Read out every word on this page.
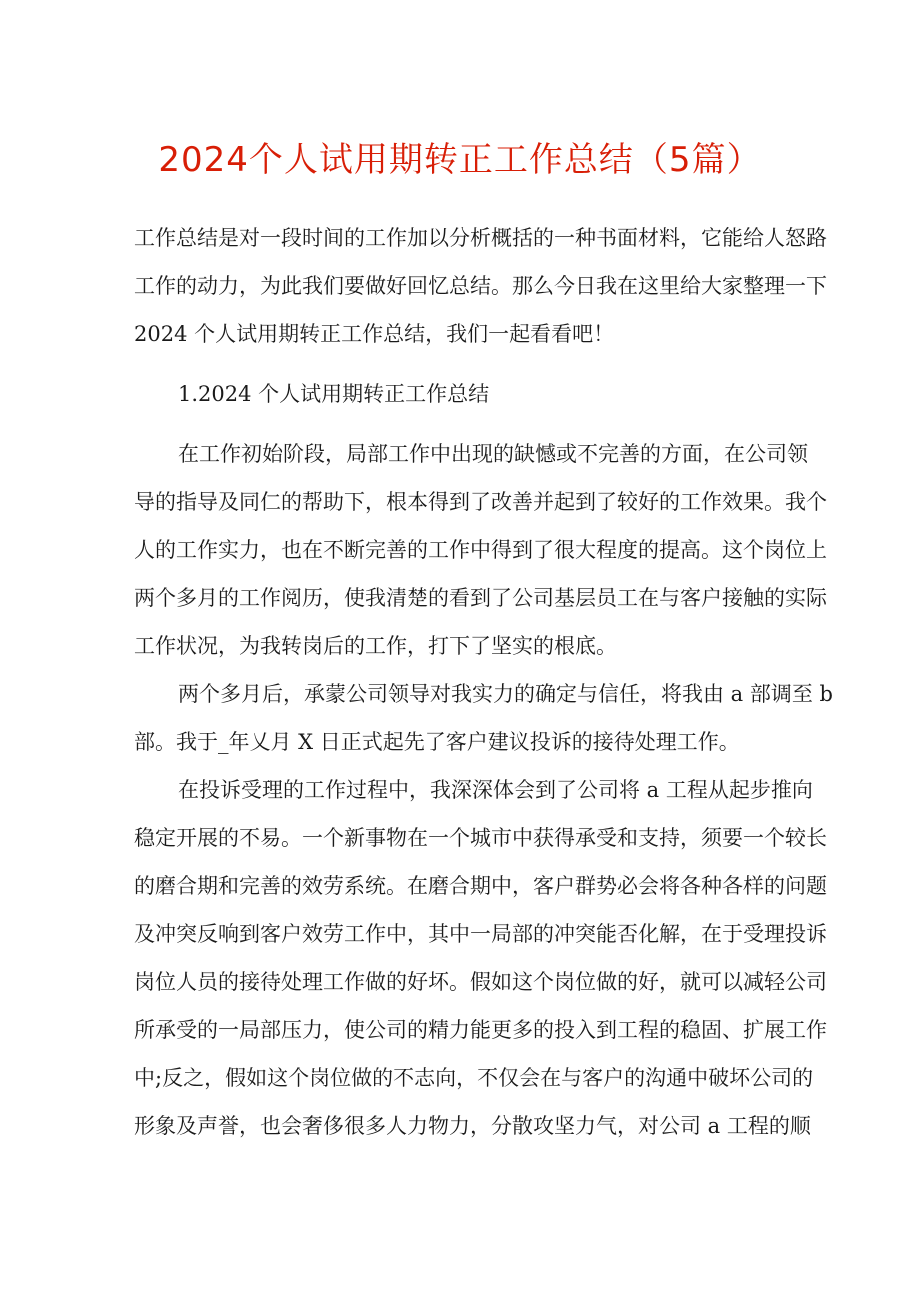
2024个人试用期转正工作总结（5篇）
工作总结是对一段时间的工作加以分析概括的一种书面材料，它能给人怒路
工作的动力，为此我们要做好回忆总结。那么今日我在这里给大家整理一下
2024 个人试用期转正工作总结，我们一起看看吧！
1.2024 个人试用期转正工作总结
在工作初始阶段，局部工作中出现的缺憾或不完善的方面，在公司领
导的指导及同仁的帮助下，根本得到了改善并起到了较好的工作效果。我个
人的工作实力，也在不断完善的工作中得到了很大程度的提高。这个岗位上
两个多月的工作阅历，使我清楚的看到了公司基层员工在与客户接触的实际
工作状况，为我转岗后的工作，打下了坚实的根底。
两个多月后，承蒙公司领导对我实力的确定与信任，将我由 a 部调至 b
部。我于_年乂月 X 日正式起先了客户建议投诉的接待处理工作。
在投诉受理的工作过程中，我深深体会到了公司将 a 工程从起步推向
稳定开展的不易。一个新事物在一个城市中获得承受和支持，须要一个较长
的磨合期和完善的效劳系统。在磨合期中，客户群势必会将各种各样的问题
及冲突反响到客户效劳工作中，其中一局部的冲突能否化解，在于受理投诉
岗位人员的接待处理工作做的好坏。假如这个岗位做的好，就可以减轻公司
所承受的一局部压力，使公司的精力能更多的投入到工程的稳固、扩展工作
中;反之，假如这个岗位做的不志向，不仅会在与客户的沟通中破坏公司的
形象及声誉，也会奢侈很多人力物力，分散攻坚力气，对公司 a 工程的顺
